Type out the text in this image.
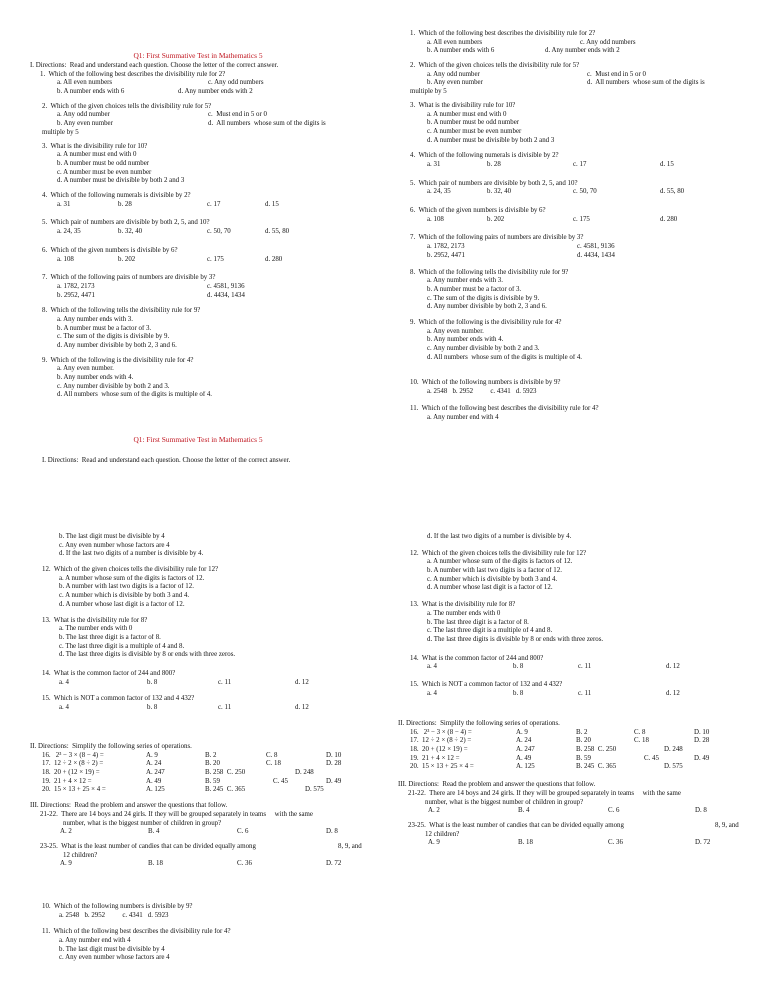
Q1: First Summative Test in Mathematics 5
I. Directions:  Read and understand each question. Choose the letter of the correct answer.
1.  Which of the following best describes the divisibility rule for 2?
a. All even numbers	c. Any odd numbers
b. A number ends with 6	d. Any number ends with 2
2.  Which of the given choices tells the divisibility rule for 5?
a. Any odd number	c.  Must end in 5 or 0
b. Any even number	d.  All numbers  whose sum of the digits is
multiple by 5
3.  What is the divisibility rule for 10?
a. A number must end with 0
b. A number must be odd number
c. A number must be even number
d. A number must be divisible by both 2 and 3
4.  Which of the following numerals is divisible by 2?
a. 31	b. 28	c. 17	d. 15
5.  Which pair of numbers are divisible by both 2, 5, and 10?
a. 24, 35	b. 32, 40	c. 50, 70	d. 55, 80
6.  Which of the given numbers is divisible by 6?
a. 108	b. 202	c. 175	d. 280
7.  Which of the following pairs of numbers are divisible by 3?
a. 1782, 2173	c. 4581, 9136
b. 2952, 4471	d. 4434, 1434
8.  Which of the following tells the divisibility rule for 9?
a. Any number ends with 3.
b. A number must be a factor of 3.
c. The sum of the digits is divisible by 9.
d. Any number divisible by both 2, 3 and 6.
9.  Which of the following is the divisibility rule for 4?
a. Any even number.
b. Any number ends with 4.
c. Any number divisible by both 2 and 3.
d. All numbers  whose sum of the digits is multiple of 4.
Q1: First Summative Test in Mathematics 5
I. Directions:  Read and understand each question. Choose the letter of the correct answer.
1.  Which of the following best describes the divisibility rule for 2?
a. All even numbers	c. Any odd numbers
b. A number ends with 6	d. Any number ends with 2
2.  Which of the given choices tells the divisibility rule for 5?
a. Any odd number	c.  Must end in 5 or 0
b. Any even number	d.  All numbers  whose sum of the digits is
multiple by 5
3.  What is the divisibility rule for 10?
a. A number must end with 0
b. A number must be odd number
c. A number must be even number
d. A number must be divisible by both 2 and 3
4.  Which of the following numerals is divisible by 2?
a. 31	b. 28	c. 17	d. 15
5.  Which pair of numbers are divisible by both 2, 5, and 10?
a. 24, 35	b. 32, 40	c. 50, 70	d. 55, 80
6.  Which of the given numbers is divisible by 6?
a. 108	b. 202	c. 175	d. 280
7.  Which of the following pairs of numbers are divisible by 3?
a. 1782, 2173	c. 4581, 9136
b. 2952, 4471	d. 4434, 1434
8.  Which of the following tells the divisibility rule for 9?
a. Any number ends with 3.
b. A number must be a factor of 3.
c. The sum of the digits is divisible by 9.
d. Any number divisible by both 2, 3 and 6.
9.  Which of the following is the divisibility rule for 4?
a. Any even number.
b. Any number ends with 4.
c. Any number divisible by both 2 and 3.
d. All numbers  whose sum of the digits is multiple of 4.
10.  Which of the following numbers is divisible by 9?
a. 2548   b. 2952          c. 4341   d. 5923
11.  Which of the following best describes the divisibility rule for 4?
a. Any number end with 4
b. The last digit must be divisible by 4
c. Any even number whose factors are 4
d. If the last two digits of a number is divisible by 4.
12.  Which of the given choices tells the divisibility rule for 12?
a. A number whose sum of the digits is factors of 12.
b. A number with last two digits is a factor of 12.
c. A number which is divisible by both 3 and 4.
d. A number whose last digit is a factor of 12.
13.  What is the divisibility rule for 8?
a. The number ends with 0
b. The last three digit is a factor of 8.
c. The last three digit is a multiple of 4 and 8.
d. The last three digits is divisible by 8 or ends with three zeros.
14.  What is the common factor of 244 and 800?
a. 4	b. 8	c. 11	d. 12
15.  Which is NOT a common factor of 132 and 4 432?
a. 4	b. 8	c. 11	d. 12
II. Directions:  Simplify the following series of operations.
16.   2³ − 3 × (8 − 4) =	A. 9	B. 2	C. 8	D. 10
17.  12 ÷ 2 × (8 ÷ 2) =	A. 24	B. 20	C. 18	D. 28
18.  20 + (12 × 19) =	A. 247	B. 258  C. 250	D. 248
19.  21 + 4 × 12 =	A. 49	B. 59	C. 45	D. 49
20.  15 × 13 + 25 × 4 =	A. 125	B. 245  C. 365	D. 575
III. Directions:  Read the problem and answer the questions that follow.
21-22.  There are 14 boys and 24 girls. If they will be grouped separately in teams     with the same
number, what is the biggest number of children in group?
A. 2	B. 4	C. 6	D. 8
23-25.  What is the least number of candies that can be divided equally among	8, 9, and
12 children?
A. 9	B. 18	C. 36	D. 72
10.  Which of the following numbers is divisible by 9?
a. 2548   b. 2952          c. 4341   d. 5923
11.  Which of the following best describes the divisibility rule for 4?
a. Any number end with 4
b. The last digit must be divisible by 4
c. Any even number whose factors are 4
d. If the last two digits of a number is divisible by 4.
12.  Which of the given choices tells the divisibility rule for 12?
a. A number whose sum of the digits is factors of 12.
b. A number with last two digits is a factor of 12.
c. A number which is divisible by both 3 and 4.
d. A number whose last digit is a factor of 12.
13.  What is the divisibility rule for 8?
a. The number ends with 0
b. The last three digit is a factor of 8.
c. The last three digit is a multiple of 4 and 8.
d. The last three digits is divisible by 8 or ends with three zeros.
14.  What is the common factor of 244 and 800?
a. 4	b. 8	c. 11	d. 12
15.  Which is NOT a common factor of 132 and 4 432?
a. 4	b. 8	c. 11	d. 12
II. Directions:  Simplify the following series of operations.
16.   2³ − 3 × (8 − 4) =	A. 9	B. 2	C. 8	D. 10
17.  12 ÷ 2 × (8 ÷ 2) =	A. 24	B. 20	C. 18	D. 28
18.  20 + (12 × 19) =	A. 247	B. 258  C. 250	D. 248
19.  21 + 4 × 12 =	A. 49	B. 59	C. 45	D. 49
20.  15 × 13 + 25 × 4 =	A. 125	B. 245  C. 365	D. 575
III. Directions:  Read the problem and answer the questions that follow.
21-22.  There are 14 boys and 24 girls. If they will be grouped separately in teams     with the same
number, what is the biggest number of children in group?
A. 2	B. 4	C. 6	D. 8
23-25.  What is the least number of candies that can be divided equally among	8, 9, and
12 children?
A. 9	B. 18	C. 36	D. 72
